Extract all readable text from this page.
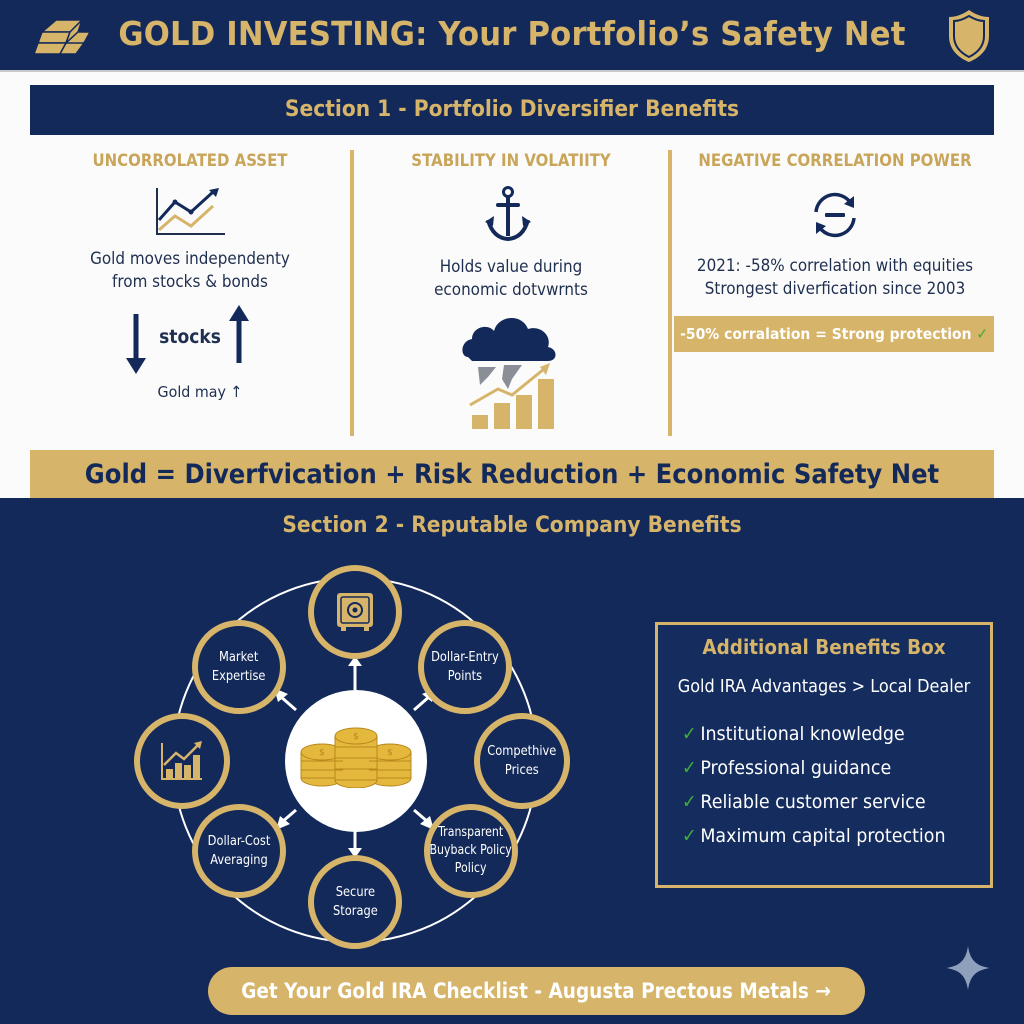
GOLD INVESTING: Your Portfolio’s Safety Net
Section 1 - Portfolio Diversifier Benefits
UNCORROLATED ASSET
Gold moves independenty
from stocks & bonds
stocks
Gold may ↑
STABILITY IN VOLATIITY
Holds value during
economic dotvwrnts
NEGATIVE CORRELATION POWER
2021: -58% correlation with equities
Strongest diverfication since 2003
-50% corralation = Strong protection ✓
Gold = Diverfvication + Risk Reduction + Economic Safety Net
Section 2 - Reputable Company Benefits
$	$
$
Market
Expertise
Dollar-Entry
Points
Compethive
Prices
Dollar-Cost
Averaging
Transparent
Buyback Policy
Policy
Secure
Storage
Additional Benefits Box
Gold IRA Advantages > Local Dealer
✓ Institutional knowledge
✓ Professional guidance
✓ Reliable customer service
✓ Maximum capital protection
Get Your Gold IRA Checklist - Augusta Prectous Metals →
